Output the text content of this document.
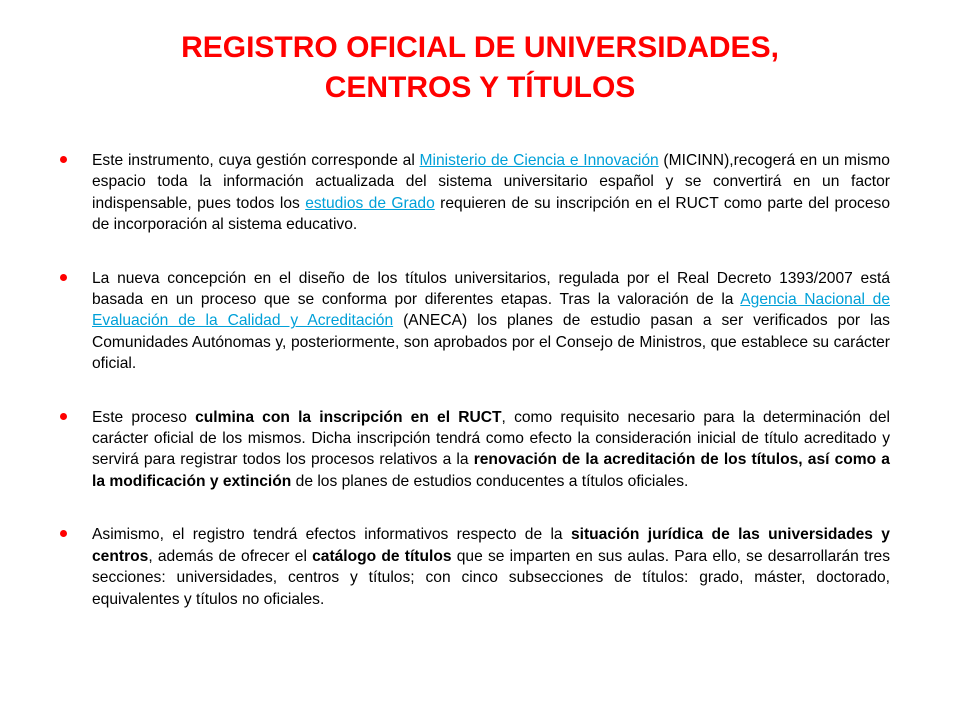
REGISTRO OFICIAL DE UNIVERSIDADES,
CENTROS Y TÍTULOS
Este instrumento, cuya gestión corresponde al Ministerio de Ciencia e Innovación (MICINN),recogerá en un mismo espacio toda la información actualizada del sistema universitario español y se convertirá en un factor indispensable, pues todos los estudios de Grado requieren de su inscripción en el RUCT como parte del proceso de incorporación al sistema educativo.
La nueva concepción en el diseño de los títulos universitarios, regulada por el Real Decreto 1393/2007 está basada en un proceso que se conforma por diferentes etapas. Tras la valoración de la Agencia Nacional de Evaluación de la Calidad y Acreditación (ANECA) los planes de estudio pasan a ser verificados por las Comunidades Autónomas y, posteriormente, son aprobados por el Consejo de Ministros, que establece su carácter oficial.
Este proceso culmina con la inscripción en el RUCT, como requisito necesario para la determinación del carácter oficial de los mismos. Dicha inscripción tendrá como efecto la consideración inicial de título acreditado y servirá para registrar todos los procesos relativos a la renovación de la acreditación de los títulos, así como a la modificación y extinción de los planes de estudios conducentes a títulos oficiales.
Asimismo, el registro tendrá efectos informativos respecto de la situación jurídica de las universidades y centros, además de ofrecer el catálogo de títulos que se imparten en sus aulas. Para ello, se desarrollarán tres secciones: universidades, centros y títulos; con cinco subsecciones de títulos: grado, máster, doctorado, equivalentes y títulos no oficiales.
